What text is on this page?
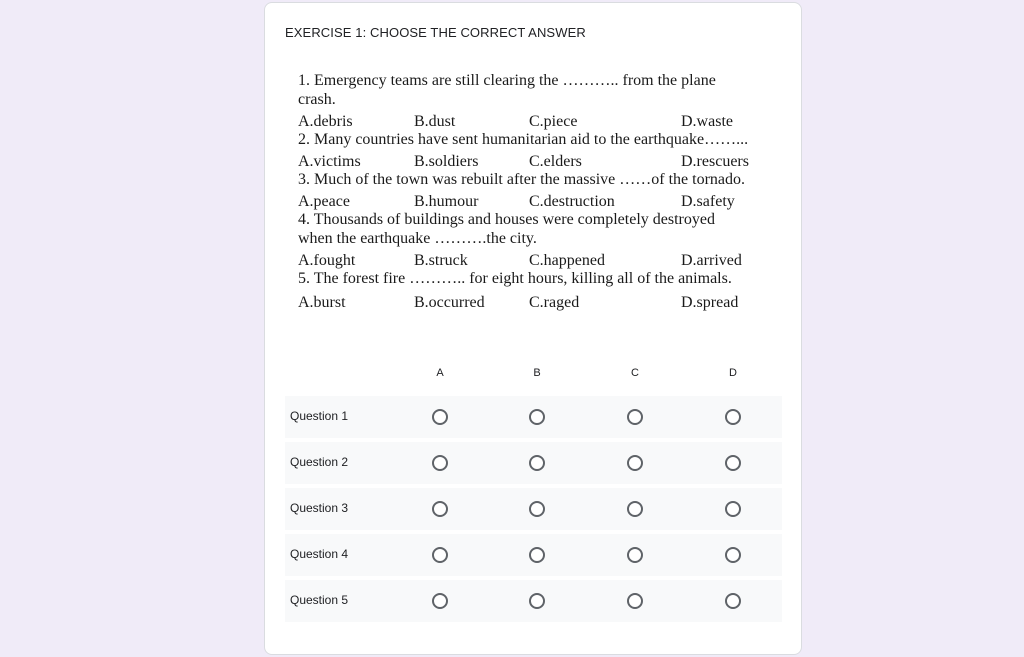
EXERCISE 1: CHOOSE THE CORRECT ANSWER
1. Emergency teams are still clearing the ……….. from the plane
crash.
A.debris	B.dust	C.piece	D.waste
2. Many countries have sent humanitarian aid to the earthquake……...
A.victims	B.soldiers	C.elders	D.rescuers
3. Much of the town was rebuilt after the massive ……of the tornado.
A.peace	B.humour	C.destruction	D.safety
4. Thousands of buildings and houses were completely destroyed
when the earthquake ……….the city.
A.fought	B.struck	C.happened	D.arrived
5. The forest fire ……….. for eight hours, killing all of the animals.
A.burst	B.occurred	C.raged	D.spread
A	B	C	D
Question 1
Question 2
Question 3
Question 4
Question 5
